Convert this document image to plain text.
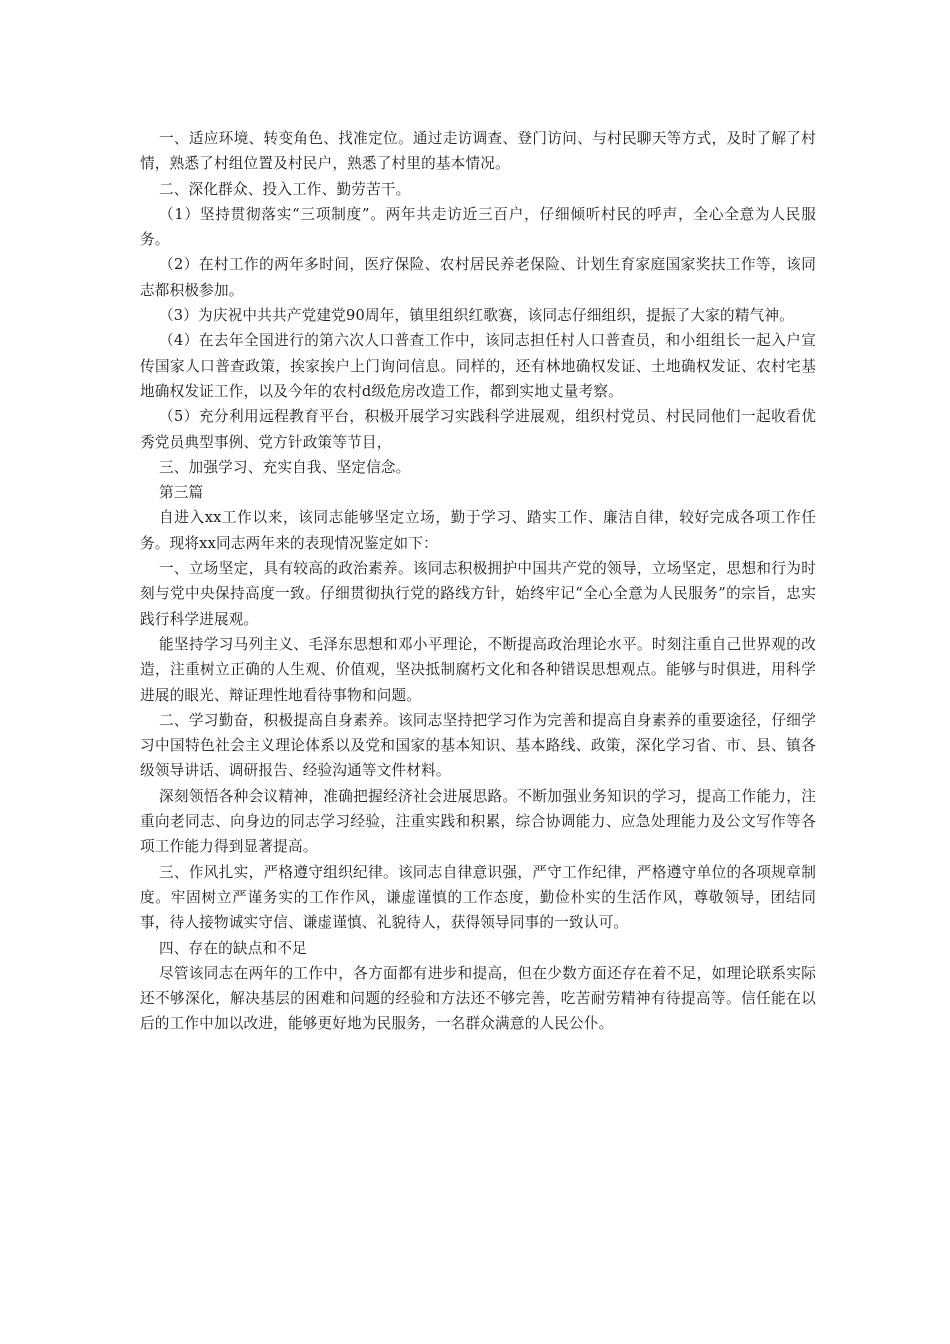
一、适应环境、转变角色、找准定位。通过走访调查、登门访问、与村民聊天等方式，及时了解了村情，熟悉了村组位置及村民户，熟悉了村里的基本情况。

二、深化群众、投入工作、勤劳苦干。

（1）坚持贯彻落实“三项制度”。两年共走访近三百户，仔细倾听村民的呼声，全心全意为人民服务。

（2）在村工作的两年多时间，医疗保险、农村居民养老保险、计划生育家庭国家奖扶工作等，该同志都积极参加。

（3）为庆祝中共共产党建党90周年，镇里组织红歌赛，该同志仔细组织，提振了大家的精气神。

（4）在去年全国进行的第六次人口普查工作中，该同志担任村人口普查员，和小组组长一起入户宣传国家人口普查政策，挨家挨户上门询问信息。同样的，还有林地确权发证、土地确权发证、农村宅基地确权发证工作，以及今年的农村d级危房改造工作，都到实地丈量考察。

（5）充分利用远程教育平台，积极开展学习实践科学进展观，组织村党员、村民同他们一起收看优秀党员典型事例、党方针政策等节目，

三、加强学习、充实自我、坚定信念。

第三篇

自进入xx工作以来，该同志能够坚定立场，勤于学习、踏实工作、廉洁自律，较好完成各项工作任务。现将xx同志两年来的表现情况鉴定如下：

一、立场坚定，具有较高的政治素养。该同志积极拥护中国共产党的领导，立场坚定，思想和行为时刻与党中央保持高度一致。仔细贯彻执行党的路线方针，始终牢记“全心全意为人民服务”的宗旨，忠实践行科学进展观。

能坚持学习马列主义、毛泽东思想和邓小平理论，不断提高政治理论水平。时刻注重自己世界观的改造，注重树立正确的人生观、价值观，坚决抵制腐朽文化和各种错误思想观点。能够与时俱进，用科学进展的眼光、辩证理性地看待事物和问题。

二、学习勤奋，积极提高自身素养。该同志坚持把学习作为完善和提高自身素养的重要途径，仔细学习中国特色社会主义理论体系以及党和国家的基本知识、基本路线、政策，深化学习省、市、县、镇各级领导讲话、调研报告、经验沟通等文件材料。

深刻领悟各种会议精神，准确把握经济社会进展思路。不断加强业务知识的学习，提高工作能力，注重向老同志、向身边的同志学习经验，注重实践和积累，综合协调能力、应急处理能力及公文写作等各项工作能力得到显著提高。

三、作风扎实，严格遵守组织纪律。该同志自律意识强，严守工作纪律，严格遵守单位的各项规章制度。牢固树立严谨务实的工作作风，谦虚谨慎的工作态度，勤俭朴实的生活作风，尊敬领导，团结同事，待人接物诚实守信、谦虚谨慎、礼貌待人，获得领导同事的一致认可。

四、存在的缺点和不足

尽管该同志在两年的工作中，各方面都有进步和提高，但在少数方面还存在着不足，如理论联系实际还不够深化，解决基层的困难和问题的经验和方法还不够完善，吃苦耐劳精神有待提高等。信任能在以后的工作中加以改进，能够更好地为民服务，一名群众满意的人民公仆。
